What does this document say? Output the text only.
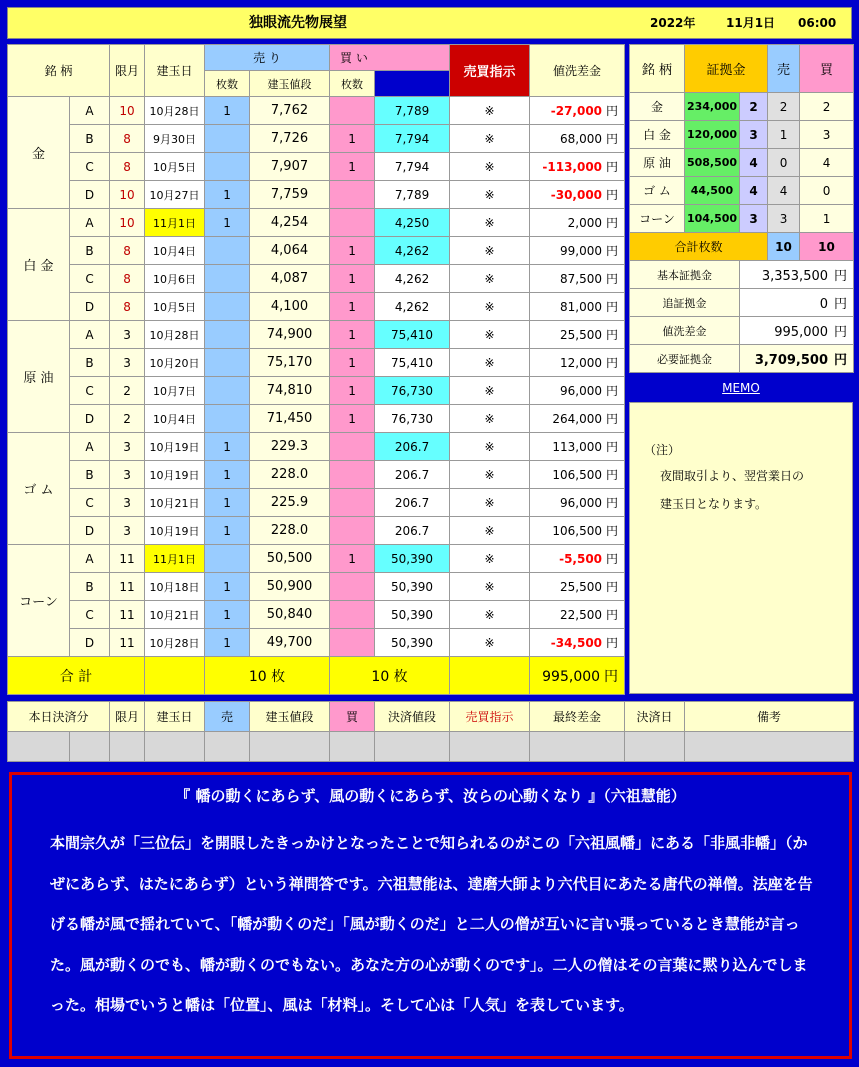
独眼流先物展望	2022年	11月1日 06:00
銘 柄		限月	建玉日	売 り		買 い		売買指示	値洗差金
				枚数	建玉値段	枚数			
金	A	10	10月28日	1	7,762		7,789	※	-27,000 円
	B	8	9月30日		7,726	1	7,794	※	68,000 円
	C	8	10月5日		7,907	1	7,794	※	-113,000 円
	D	10	10月27日	1	7,759		7,789	※	-30,000 円
白 金	A	10	11月1日	1	4,254		4,250	※	2,000 円
	B	8	10月4日		4,064	1	4,262	※	99,000 円
	C	8	10月6日		4,087	1	4,262	※	87,500 円
	D	8	10月5日		4,100	1	4,262	※	81,000 円
原 油	A	3	10月28日		74,900	1	75,410	※	25,500 円
	B	3	10月20日		75,170	1	75,410	※	12,000 円
	C	2	10月7日		74,810	1	76,730	※	96,000 円
	D	2	10月4日		71,450	1	76,730	※	264,000 円
ゴ ム	A	3	10月19日	1	229.3		206.7	※	113,000 円
	B	3	10月19日	1	228.0		206.7	※	106,500 円
	C	3	10月21日	1	225.9		206.7	※	96,000 円
	D	3	10月19日	1	228.0		206.7	※	106,500 円
コーン	A	11	11月1日		50,500	1	50,390	※	-5,500 円
	B	11	10月18日	1	50,900		50,390	※	25,500 円
	C	11	10月21日	1	50,840		50,390	※	22,500 円
	D	11	10月28日	1	49,700		50,390	※	-34,500 円
合 計				10 枚		10 枚			995,000 円
銘 柄	証拠金		売	買
金	234,000	2	2	2
白 金	120,000	3	1	3
原 油	508,500	4	0	4
ゴ ム	44,500	4	4	0
コーン	104,500	3	3	1
合計枚数			10	10
基本証拠金		3,353,500 円		
追証拠金		0 円		
値洗差金		995,000 円		
必要証拠金		3,709,500 円		
MEMO

（注）

夜間取引より、翌営業日の

建玉日となります。

本日決済分		限月	建玉日	売	建玉値段	買	決済値段	売買指示	最終差金	決済日	備考

『 幡の動くにあらず、風の動くにあらず、汝らの心動くなり 』（六祖慧能）
本間宗久が「三位伝」を開眼したきっかけとなったことで知られるのがこの「六祖風幡」にある「非風非幡」（かぜにあらず、はたにあらず）という禅問答です。六祖慧能は、達磨大師より六代目にあたる唐代の禅僧。法座を告げる幡が風で揺れていて、「幡が動くのだ」「風が動くのだ」と二人の僧が互いに言い張っているとき慧能が言った。風が動くのでも、幡が動くのでもない。あなた方の心が動くのです」。二人の僧はその言葉に黙り込んでしまった。相場でいうと幡は「位置」、風は「材料」。そして心は「人気」を表しています。
